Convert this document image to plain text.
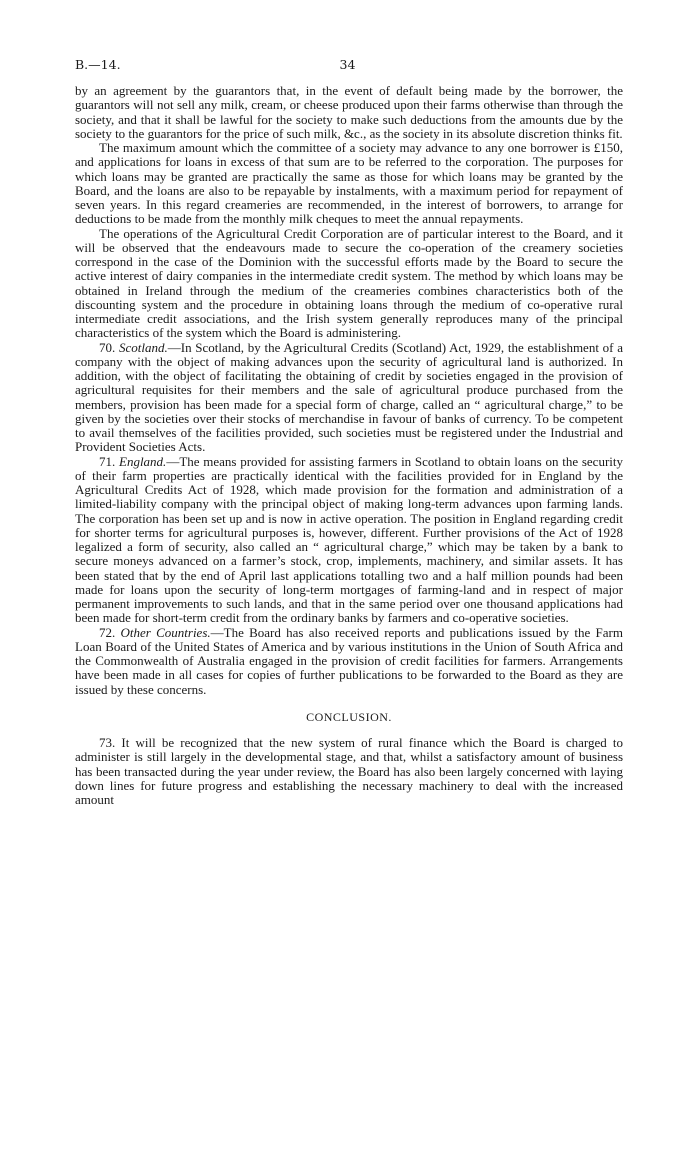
B.—14.	34

by an agreement by the guarantors that, in the event of default being made by the borrower, the guarantors will not sell any milk, cream, or cheese produced upon their farms otherwise than through the society, and that it shall be lawful for the society to make such deductions from the amounts due by the society to the guarantors for the price of such milk, &c., as the society in its absolute discretion thinks fit.

The maximum amount which the committee of a society may advance to any one borrower is £150, and applications for loans in excess of that sum are to be referred to the corporation. The purposes for which loans may be granted are practically the same as those for which loans may be granted by the Board, and the loans are also to be repayable by instalments, with a maximum period for repayment of seven years. In this regard creameries are recommended, in the interest of borrowers, to arrange for deductions to be made from the monthly milk cheques to meet the annual repayments.

The operations of the Agricultural Credit Corporation are of particular interest to the Board, and it will be observed that the endeavours made to secure the co-operation of the creamery societies correspond in the case of the Dominion with the successful efforts made by the Board to secure the active interest of dairy companies in the intermediate credit system. The method by which loans may be obtained in Ireland through the medium of the creameries combines characteristics both of the discounting system and the procedure in obtaining loans through the medium of co-operative rural intermediate credit associations, and the Irish system generally reproduces many of the principal characteristics of the system which the Board is administering.

70. Scotland.—In Scotland, by the Agricultural Credits (Scotland) Act, 1929, the establishment of a company with the object of making advances upon the security of agricultural land is authorized. In addition, with the object of facilitating the obtaining of credit by societies engaged in the provision of agricultural requisites for their members and the sale of agricultural produce purchased from the members, provision has been made for a special form of charge, called an “ agricultural charge,” to be given by the societies over their stocks of merchandise in favour of banks of currency. To be competent to avail themselves of the facilities provided, such societies must be registered under the Industrial and Provident Societies Acts.

71. England.—The means provided for assisting farmers in Scotland to obtain loans on the security of their farm properties are practically identical with the facilities provided for in England by the Agricultural Credits Act of 1928, which made provision for the formation and administration of a limited-liability company with the principal object of making long-term advances upon farming lands. The corporation has been set up and is now in active operation. The position in England regarding credit for shorter terms for agricultural purposes is, however, different. Further provisions of the Act of 1928 legalized a form of security, also called an “ agricultural charge,” which may be taken by a bank to secure moneys advanced on a farmer’s stock, crop, implements, machinery, and similar assets. It has been stated that by the end of April last applications totalling two and a half million pounds had been made for loans upon the security of long-term mortgages of farming-land and in respect of major permanent improvements to such lands, and that in the same period over one thousand applications had been made for short-term credit from the ordinary banks by farmers and co-operative societies.

72. Other Countries.—The Board has also received reports and publications issued by the Farm Loan Board of the United States of America and by various institutions in the Union of South Africa and the Commonwealth of Australia engaged in the provision of credit facilities for farmers. Arrangements have been made in all cases for copies of further publications to be forwarded to the Board as they are issued by these concerns.

CONCLUSION.

73. It will be recognized that the new system of rural finance which the Board is charged to administer is still largely in the developmental stage, and that, whilst a satisfactory amount of business has been transacted during the year under review, the Board has also been largely concerned with laying down lines for future progress and establishing the necessary machinery to deal with the increased amount
